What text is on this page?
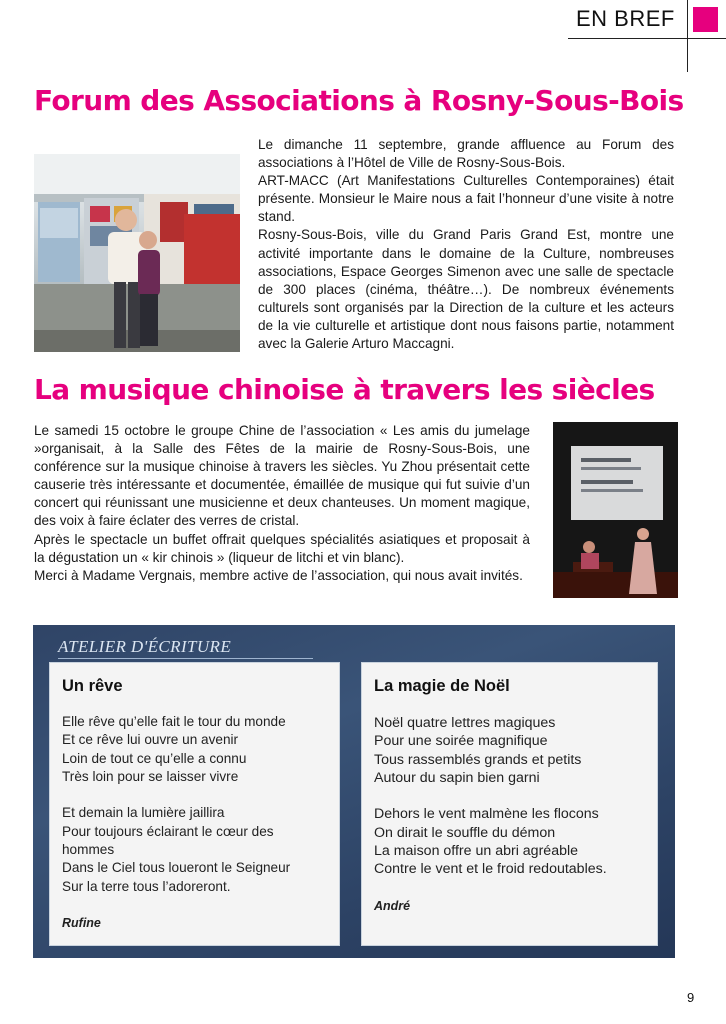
EN BREF
Forum des Associations à Rosny-Sous-Bois

Le dimanche 11 septembre, grande affluence au Forum des associations à l’Hôtel de Ville de Rosny-Sous-Bois.

ART-MACC (Art Manifestations Culturelles Contemporaines) était présente. Monsieur le Maire nous a fait l’honneur d’une visite à notre stand.

Rosny-Sous-Bois, ville du Grand Paris Grand Est, montre une activité importante dans le domaine de la Culture, nombreuses associations, Espace Georges Simenon avec une salle de spectacle de 300 places (cinéma, théâtre…). De nombreux événements culturels sont organisés par la Direction de la culture et les acteurs de la vie culturelle et artistique dont nous faisons partie, notamment avec la Galerie Arturo Maccagni.

La musique chinoise à travers les siècles

Le samedi 15 octobre le groupe Chine de l’association « Les amis du jumelage »organisait, à la Salle des Fêtes de la mairie de Rosny-Sous-Bois, une conférence sur la musique chinoise à travers les siècles. Yu Zhou présentait cette causerie très intéressante et documentée, émaillée de musique qui fut suivie d’un concert qui réunissant une musicienne et deux chanteuses. Un moment magique, des voix à faire éclater des verres de cristal.

Après le spectacle un buffet offrait quelques spécialités asiatiques et proposait à la dégustation un « kir chinois » (liqueur de litchi et vin blanc).

Merci à Madame Vergnais, membre active de l’association, qui nous avait invités.

ATELIER D'ÉCRITURE

Un rêve
Elle rêve qu’elle fait le tour du monde
Et ce rêve lui ouvre un avenir
Loin de tout ce qu’elle a connu
Très loin pour se laisser vivre
Et demain la lumière jaillira
Pour toujours éclairant le cœur des
hommes
Dans le Ciel tous loueront le Seigneur
Sur la terre tous l’adoreront.
Rufine
La magie de Noël
Noël quatre lettres magiques
Pour une soirée magnifique
Tous rassemblés grands et petits
Autour du sapin bien garni
Dehors le vent malmène les flocons
On dirait le souffle du démon
La maison offre un abri agréable
Contre le vent et le froid redoutables.
André
9
